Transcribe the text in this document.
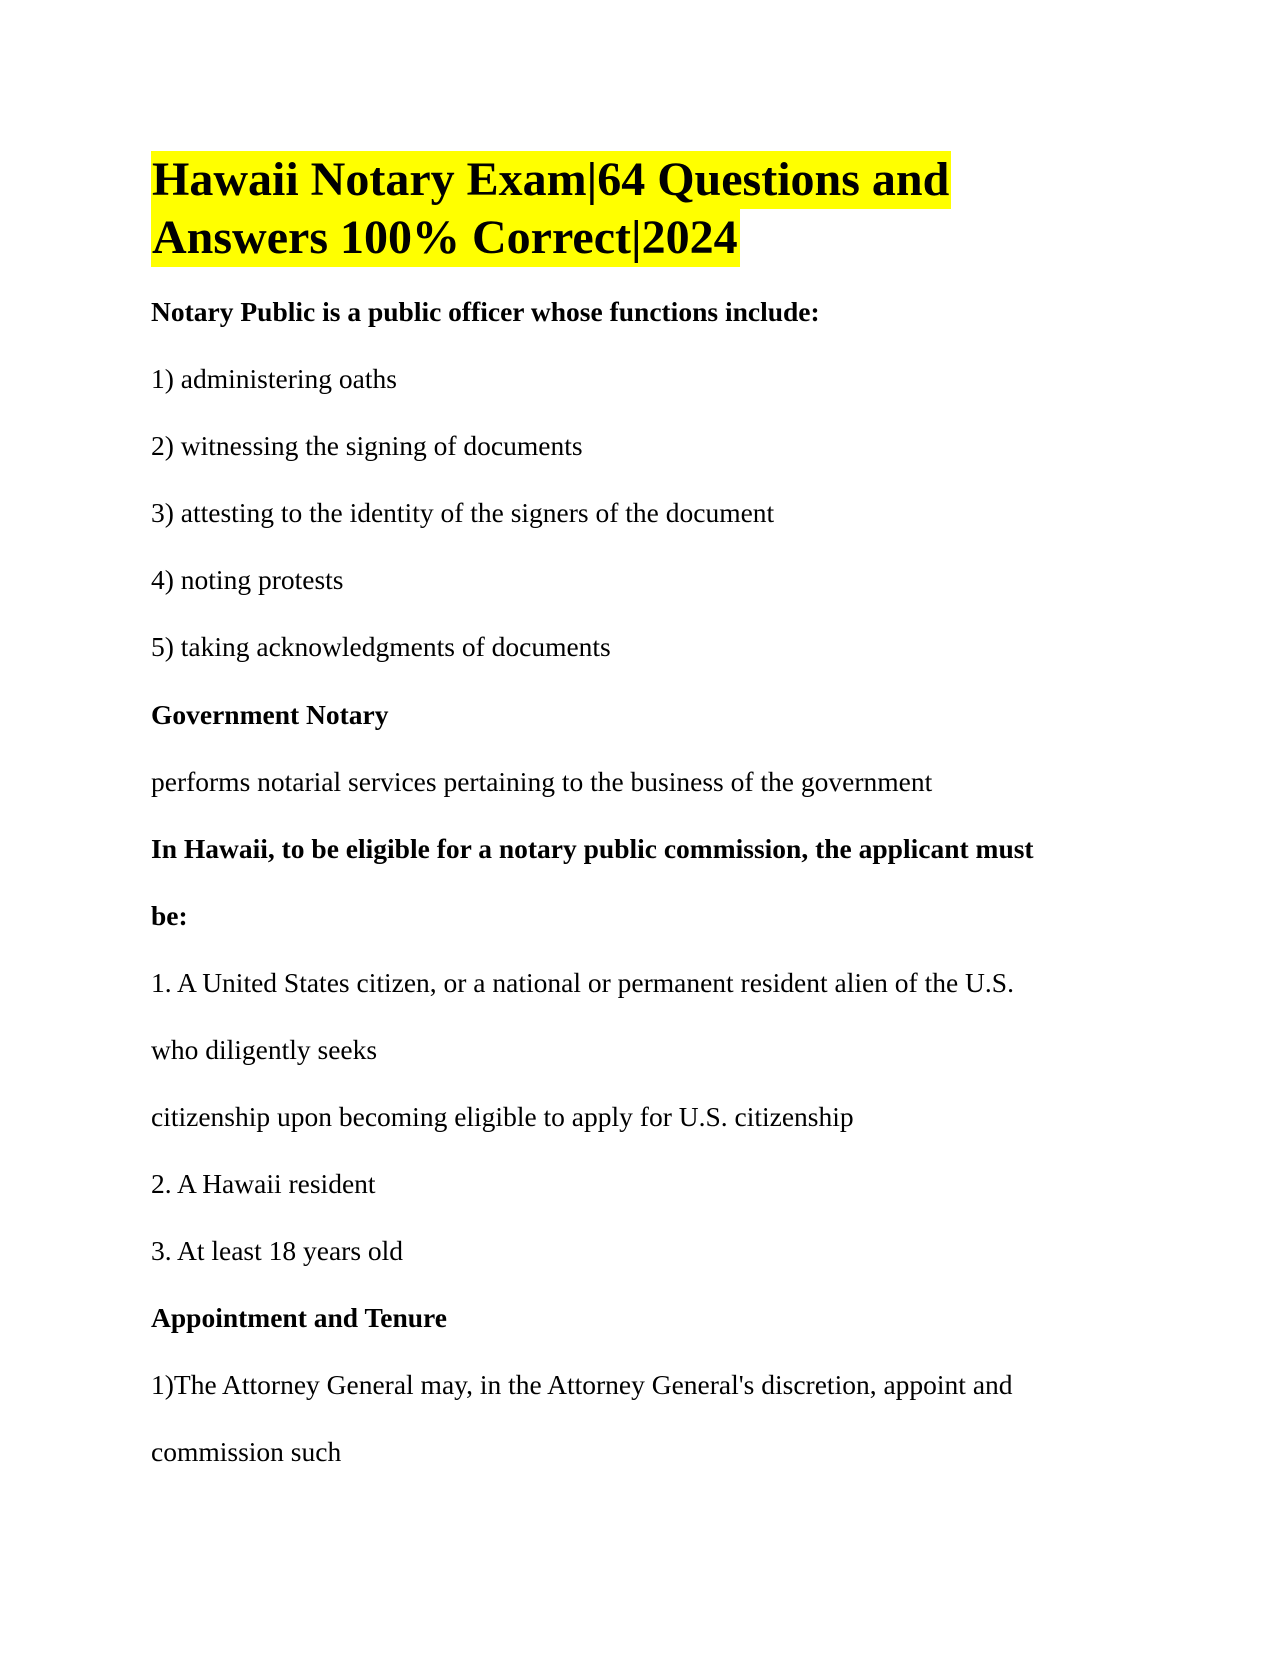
Hawaii Notary Exam|64 Questions and
Answers 100% Correct|2024
Notary Public is a public officer whose functions include:
1) administering oaths
2) witnessing the signing of documents
3) attesting to the identity of the signers of the document
4) noting protests
5) taking acknowledgments of documents
Government Notary
performs notarial services pertaining to the business of the government
In Hawaii, to be eligible for a notary public commission, the applicant must
be:
1. A United States citizen, or a national or permanent resident alien of the U.S.
who diligently seeks
citizenship upon becoming eligible to apply for U.S. citizenship
2. A Hawaii resident
3. At least 18 years old
Appointment and Tenure
1)The Attorney General may, in the Attorney General's discretion, appoint and
commission such
